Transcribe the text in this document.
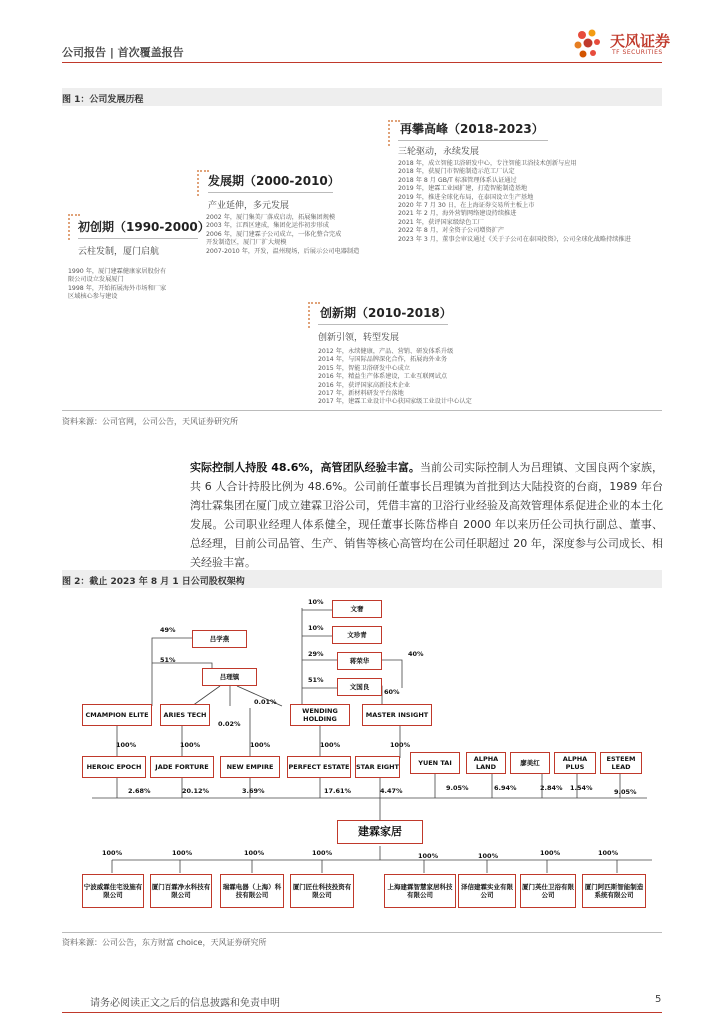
公司报告 | 首次覆盖报告
天风证券
TF SECURITIES
图 1：公司发展历程
初创期（1990-2000）
云柱发制，厦门启航
1990 年，厦门建霖健康家居股份有
限公司设立发展厦门
1998 年，开始拓展海外市场和厂家
区域核心参与建设
发展期（2000-2010）
产业延伸，多元发展
2002 年，厦门集美厂落成启动，拓展集团规模
2003 年，江西区建成，集团化运作初步形成
2006 年，厦门建霖子公司成立，一体化整合完成
开发制造区，厦门厂扩大规模
2007-2010 年，开发，温州现场，后展示公司电器制造
再攀高峰（2018-2023）
三轮驱动，永续发展
2018 年，成立智能卫浴研发中心，专注智能卫浴技术创新与应用
2018 年，获厦门市智能制造示范工厂认定
2018 年 8 月 GB/T 标准管理体系认证通过
2019 年，建霖工业园扩建，打造智能制造基地
2019 年，推进全球化布局，在泰国设立生产基地
2020 年 7 月 30 日，在上海证券交易所主板上市
2021 年 2 月，海外营销网络建设持续推进
2021 年，获评国家级绿色工厂
2022 年 8 月，对全资子公司增资扩产
2023 年 3 月，董事会审议通过《关于子公司在泰国投资》，公司全球化战略持续推进
创新期（2010-2018）
创新引领，转型发展
2012 年，永续健康，产品、营销、研发体系升级
2014 年，与国际品牌深化合作，拓展海外业务
2015 年，智能卫浴研发中心成立
2016 年，精益生产体系建设，工业互联网试点
2016 年，获评国家高新技术企业
2017 年，新材料研发平台落地
2017 年，建霖工业设计中心获国家级工业设计中心认定
资料来源：公司官网，公司公告，天风证券研究所
实际控制人持股 48.6%，高管团队经验丰富。当前公司实际控制人为吕理镇、文国良两个家族，共 6 人合计持股比例为 48.6%。公司前任董事长吕理镇为首批到达大陆投资的台商，1989 年台湾壮霖集团在厦门成立建霖卫浴公司，凭借丰富的卫浴行业经验及高效管理体系促进企业的本土化发展。公司职业经理人体系健全，现任董事长陈岱桦自 2000 年以来历任公司执行副总、董事、总经理，目前公司品管、生产、销售等核心高管均在公司任职超过 20 年，深度参与公司成长、相关经验丰富。
图 2：截止 2023 年 8 月 1 日公司股权架构
文奢
文珍青
蒋荣华
文国良
吕学燕
吕理镇
CMAMPION ELITE	ARIES TECH	WENDING HOLDING	MASTER INSIGHT
HEROIC EPOCH	JADE FORTURE	NEW EMPIRE	PERFECT ESTATE STAR EIGHT	YUEN TAI	ALPHA LAND	廖美红	ALPHA PLUS
ESTEEM LEAD
建霖家居
宁波威霖住宅设施有限公司
厦门百霖净水科技有限公司
瑞霖电器（上海）科技有限公司
厦门匠仕科技投资有限公司
上海建霖智慧家居科技有限公司
泽信建霖实业有限公司
厦门英仕卫浴有限公司
厦门阿匹斯智能制造系统有限公司
10%
10%
29%	40%
51%
60%
49%
51%
0.02%
0.01%
100%	100%	100%	100%	100%
2.68%	20.12%	3.69%	17.61%	4.47%	9.05%	6.94%	2.84% 1.54%	9.05%
100%	100%	100%	100%	100%	100%	100%	100%
资料来源：公司公告，东方财富 choice，天风证券研究所
请务必阅读正文之后的信息披露和免责申明	5
